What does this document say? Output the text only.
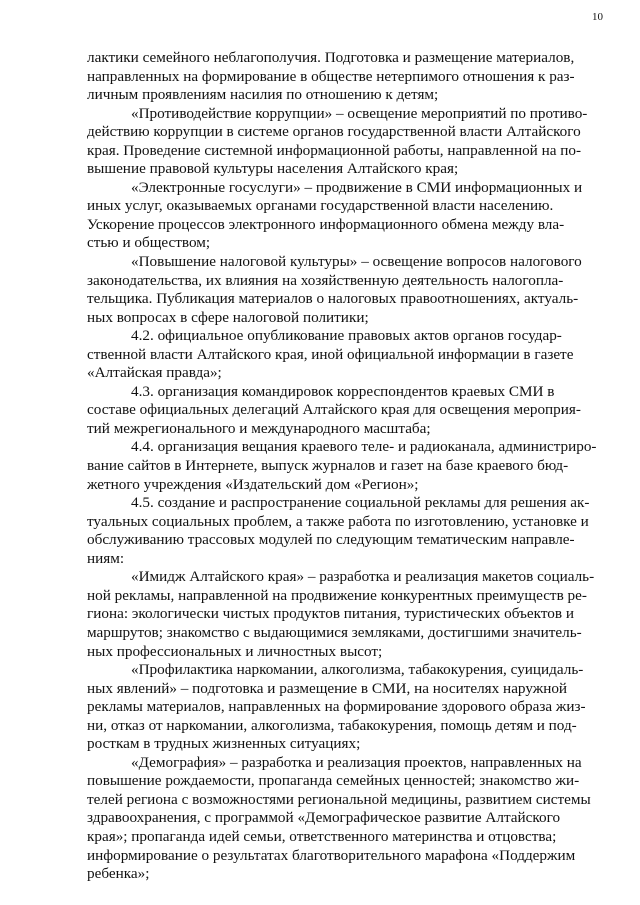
10

лактики семейного неблагополучия. Подготовка и размещение материалов,
направленных на формирование в обществе нетерпимого отношения к раз-
личным проявлениям насилия по отношению к детям;

«Противодействие коррупции» – освещение мероприятий по противо-
действию коррупции в системе органов государственной власти Алтайского
края. Проведение системной информационной работы, направленной на по-
вышение правовой культуры населения Алтайского края;

«Электронные госуслуги» – продвижение в СМИ информационных и
иных услуг, оказываемых органами государственной власти населению.
Ускорение процессов электронного информационного обмена между вла-
стью и обществом;

«Повышение налоговой культуры» – освещение вопросов налогового
законодательства, их влияния на хозяйственную деятельность налогопла-
тельщика. Публикация материалов о налоговых правоотношениях, актуаль-
ных вопросах в сфере налоговой политики;

4.2. официальное опубликование правовых актов органов государ-
ственной власти Алтайского края, иной официальной информации в газете
«Алтайская правда»;

4.3. организация командировок корреспондентов краевых СМИ в
составе официальных делегаций Алтайского края для освещения мероприя-
тий межрегионального и международного масштаба;

4.4. организация вещания краевого теле- и радиоканала, администриро-
вание сайтов в Интернете, выпуск журналов и газет на базе краевого бюд-
жетного учреждения «Издательский дом «Регион»;

4.5. создание и распространение социальной рекламы для решения ак-
туальных социальных проблем, а также работа по изготовлению, установке и
обслуживанию трассовых модулей по следующим тематическим направле-
ниям:

«Имидж Алтайского края» – разработка и реализация макетов социаль-
ной рекламы, направленной на продвижение конкурентных преимуществ ре-
гиона: экологически чистых продуктов питания, туристических объектов и
маршрутов; знакомство с выдающимися земляками, достигшими значитель-
ных профессиональных и личностных высот;

«Профилактика наркомании, алкоголизма, табакокурения, суицидаль-
ных явлений» – подготовка и размещение в СМИ, на носителях наружной
рекламы материалов, направленных на формирование здорового образа жиз-
ни, отказ от наркомании, алкоголизма, табакокурения, помощь детям и под-
росткам в трудных жизненных ситуациях;

«Демография» – разработка и реализация проектов, направленных на
повышение рождаемости, пропаганда семейных ценностей; знакомство жи-
телей региона с возможностями региональной медицины, развитием системы
здравоохранения, с программой «Демографическое развитие Алтайского
края»; пропаганда идей семьи, ответственного материнства и отцовства;
информирование о результатах благотворительного марафона «Поддержим
ребенка»;
